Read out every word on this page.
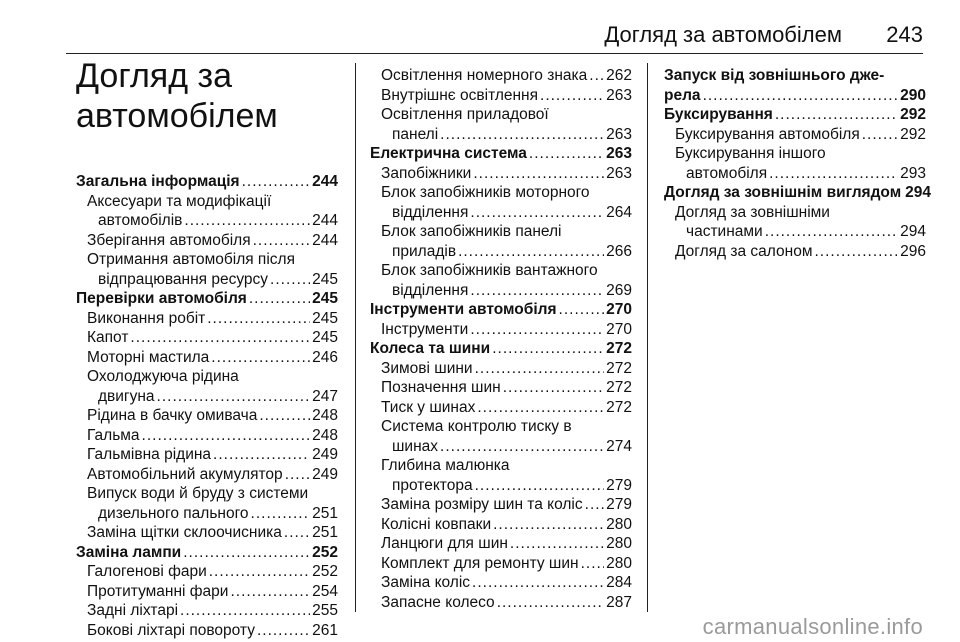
Догляд за автомобілем 243
Догляд за
автомобілем
Загальна інформація .....	244
Аксесуари та модифікації
автомобілів .....	244
Зберігання автомобіля .....	244
Отримання автомобіля після
відпрацювання ресурсу .....	245
Перевірки автомобіля .....	245
Виконання робіт .....	245
Капот .....	245
Моторні мастила .....	246
Охолоджуюча рідина
двигуна .....	247
Рідина в бачку омивача .....	248
Гальма .....	248
Гальмівна рідина .....	249
Автомобільний акумулятор ..... 249
Випуск води й бруду з системи
дизельного пального .....	251
Заміна щітки склоочисника ..... 251
Заміна лампи .....	252
Галогенові фари .....	252
Протитуманні фари .....	254
Задні ліхтарі .....	255
Бокові ліхтарі повороту .....	261
Освітлення номерного знака ..... 262
Внутрішнє освітлення .....	263
Освітлення приладової
панелі .....	263
Електрична система .....	263
Запобіжники .....	263
Блок запобіжників моторного
відділення .....	264
Блок запобіжників панелі
приладів .....	266
Блок запобіжників вантажного
відділення .....	269
Інструменти автомобіля .....	270
Інструменти .....	270
Колеса та шини .....	272
Зимові шини .....	272
Позначення шин .....	272
Тиск у шинах .....	272
Система контролю тиску в
шинах .....	274
Глибина малюнка
протектора .....	279
Заміна розміру шин та коліс ..... 279
Колісні ковпаки .....	280
Ланцюги для шин .....	280
Комплект для ремонту шин ..... 280
Заміна коліс .....	284
Запасне колесо .....	287
Запуск від зовнішнього дже-
рела .....	290
Буксирування .....	292
Буксирування автомобіля .....	292
Буксирування іншого
автомобіля .....	293
Догляд за зовнішнім виглядом 294
Догляд за зовнішніми
частинами .....	294
Догляд за салоном .....	296
carmanualsonline.info
